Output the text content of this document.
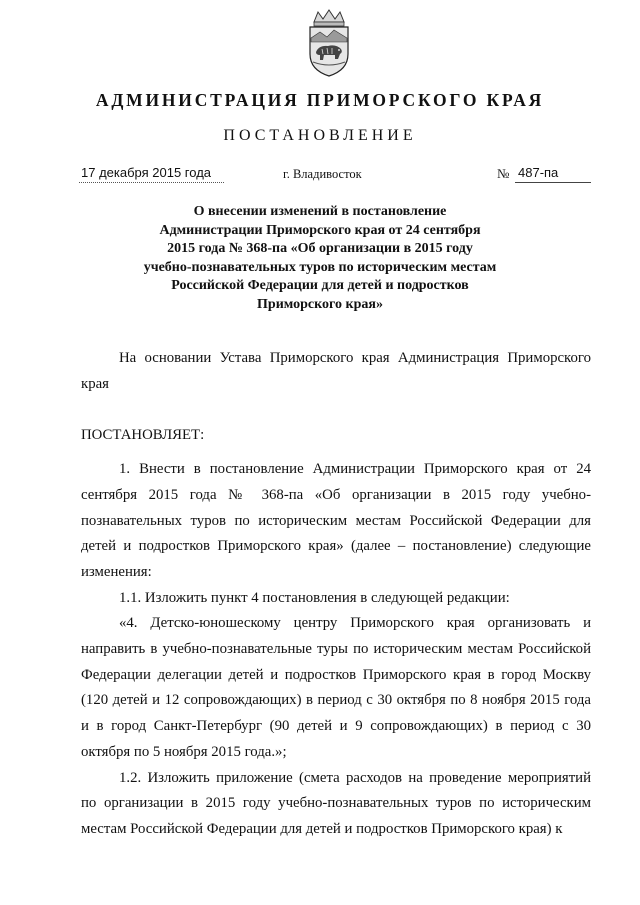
АДМИНИСТРАЦИЯ ПРИМОРСКОГО КРАЯ
ПОСТАНОВЛЕНИЕ
17 декабря 2015 года	г. Владивосток	№ 487-па
О внесении изменений в постановление
Администрации Приморского края от 24 сентября
2015 года № 368-па «Об организации в 2015 году
учебно-познавательных туров по историческим местам
Российской Федерации для детей и подростков
Приморского края»

На основании Устава Приморского края Администрация Приморского края

ПОСТАНОВЛЯЕТ:

1. Внести в постановление Администрации Приморского края от 24 сентября 2015 года № 368-па «Об организации в 2015 году учебно-познавательных туров по историческим местам Российской Федерации для детей и подростков Приморского края» (далее – постановление) следующие изменения:

1.1. Изложить пункт 4 постановления в следующей редакции:

«4. Детско-юношескому центру Приморского края организовать и направить в учебно-познавательные туры по историческим местам Российской Федерации делегации детей и подростков Приморского края в город Москву (120 детей и 12 сопровождающих) в период с 30 октября по 8 ноября 2015 года и в город Санкт-Петербург (90 детей и 9 сопровождающих) в период с 30 октября по 5 ноября 2015 года.»;

1.2. Изложить приложение (смета расходов на проведение мероприятий по организации в 2015 году учебно-познавательных туров по историческим местам Российской Федерации для детей и подростков Приморского края) к
